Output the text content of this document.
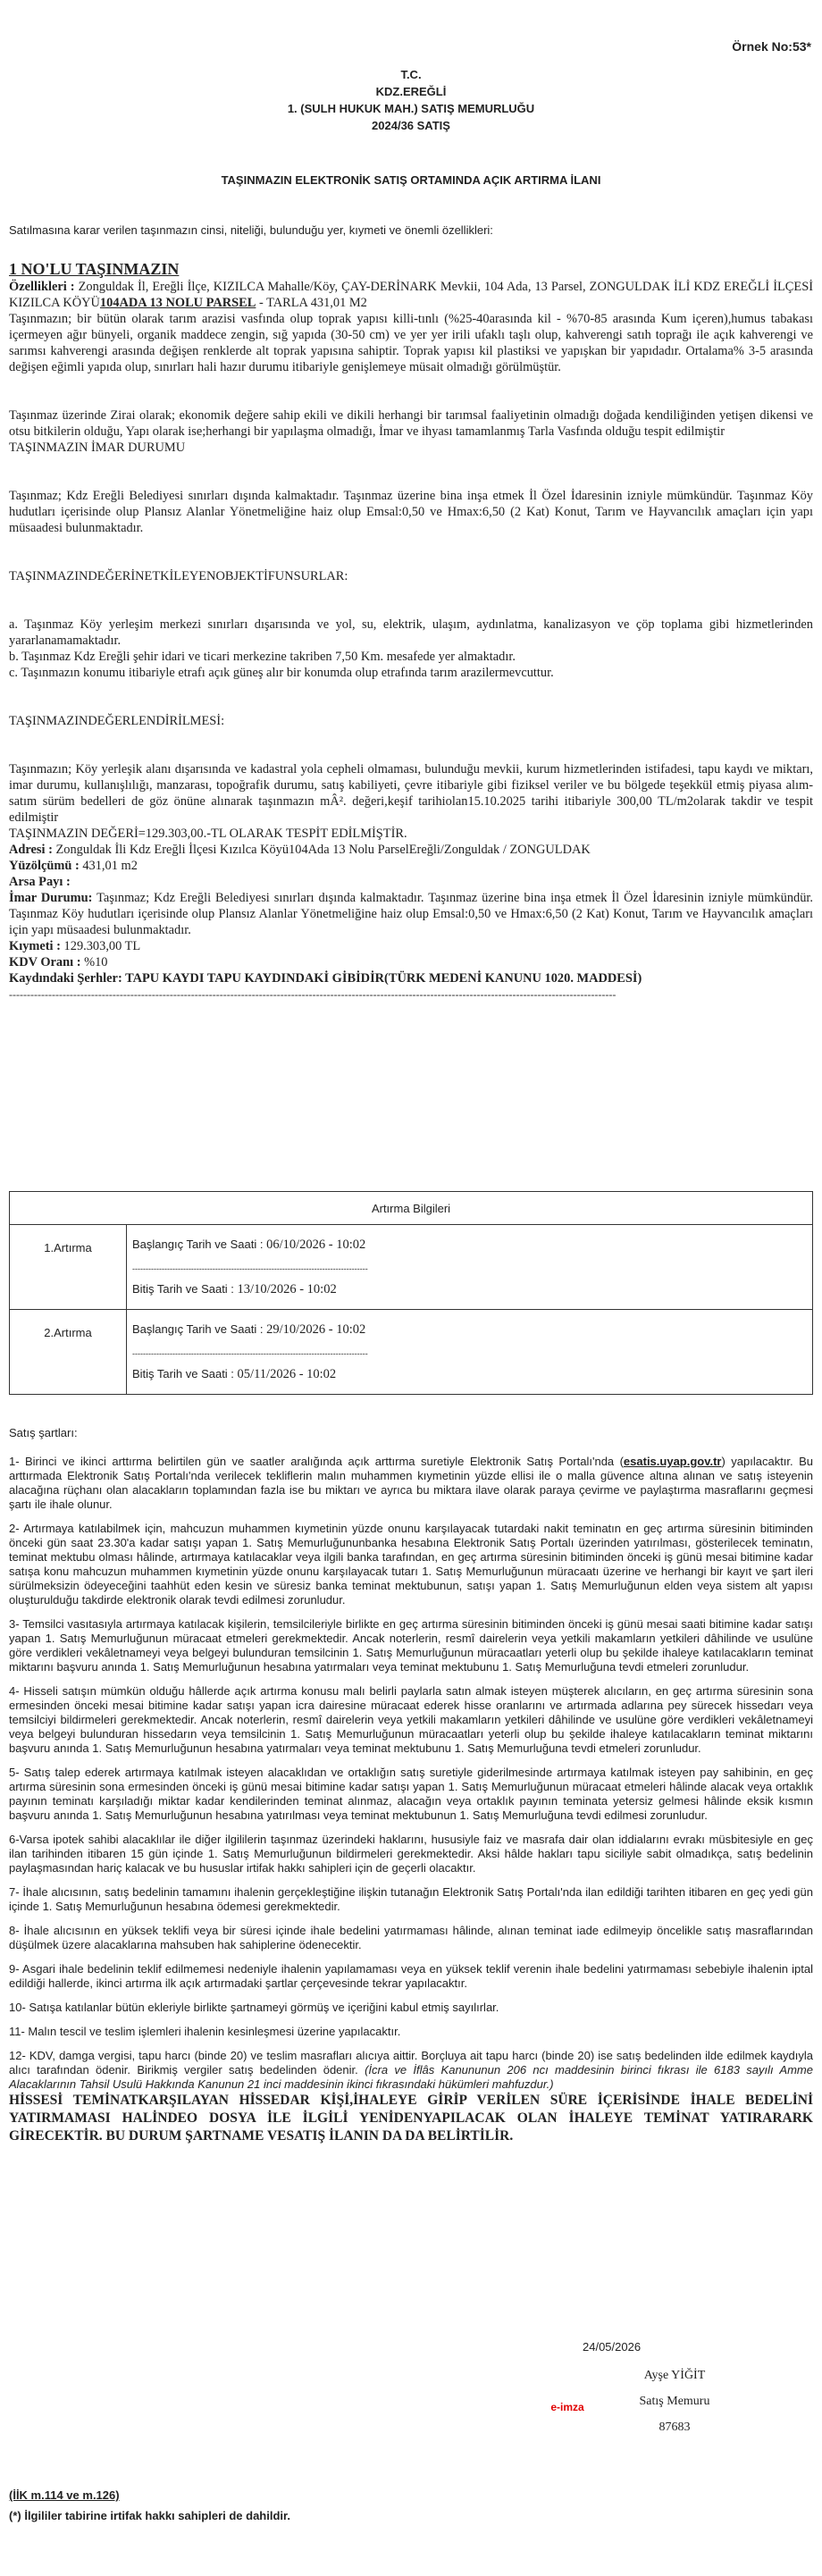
Örnek No:53*
T.C.
KDZ.EREĞLİ
1. (SULH HUKUK MAH.) SATIŞ MEMURLUĞU
2024/36 SATIŞ
TAŞINMAZIN ELEKTRONİK SATIŞ ORTAMINDA AÇIK ARTIRMA İLANI
Satılmasına karar verilen taşınmazın cinsi, niteliği, bulunduğu yer, kıymeti ve önemli özellikleri:

1 NO'LU TAŞINMAZIN

Özellikleri : Zonguldak İl, Ereğli İlçe, KIZILCA Mahalle/Köy, ÇAY-DERİNARK Mevkii, 104 Ada, 13 Parsel, ZONGULDAK İLİ KDZ EREĞLİ İLÇESİ KIZILCA KÖYÜ104ADA 13 NOLU PARSEL - TARLA 431,01 M2

Taşınmazın; bir bütün olarak tarım arazisi vasfında olup toprak yapısı killi-tınlı (%25-40arasında kil - %70-85 arasında Kum içeren),humus tabakası içermeyen ağır bünyeli, organik maddece zengin, sığ yapıda (30-50 cm) ve yer yer irili ufaklı taşlı olup, kahverengi satıh toprağı ile açık kahverengi ve sarımsı kahverengi arasında değişen renklerde alt toprak yapısına sahiptir. Toprak yapısı kil plastiksi ve yapışkan bir yapıdadır. Ortalama% 3-5 arasında değişen eğimli yapıda olup, sınırları hali hazır durumu itibariyle genişlemeye müsait olmadığı görülmüştür.

Taşınmaz üzerinde Zirai olarak; ekonomik değere sahip ekili ve dikili herhangi bir tarımsal faaliyetinin olmadığı doğada kendiliğinden yetişen dikensi ve otsu bitkilerin olduğu, Yapı olarak ise;herhangi bir yapılaşma olmadığı, İmar ve ihyası tamamlanmış Tarla Vasfında olduğu tespit edilmiştir

TAŞINMAZIN İMAR DURUMU

Taşınmaz; Kdz Ereğli Belediyesi sınırları dışında kalmaktadır. Taşınmaz üzerine bina inşa etmek İl Özel İdaresinin izniyle mümkündür. Taşınmaz Köy hudutları içerisinde olup Plansız Alanlar Yönetmeliğine haiz olup Emsal:0,50 ve Hmax:6,50 (2 Kat) Konut, Tarım ve Hayvancılık amaçları için yapı müsaadesi bulunmaktadır.

TAŞINMAZINDEĞERİNETKİLEYENOBJEKTİFUNSURLAR:

a. Taşınmaz Köy yerleşim merkezi sınırları dışarısında ve yol, su, elektrik, ulaşım, aydınlatma, kanalizasyon ve çöp toplama gibi hizmetlerinden yararlanamamaktadır.

b. Taşınmaz Kdz Ereğli şehir idari ve ticari merkezine takriben 7,50 Km. mesafede yer almaktadır.

c. Taşınmazın konumu itibariyle etrafı açık güneş alır bir konumda olup etrafında tarım arazilermevcuttur.

TAŞINMAZINDEĞERLENDİRİLMESİ:

Taşınmazın; Köy yerleşik alanı dışarısında ve kadastral yola cepheli olmaması, bulunduğu mevkii, kurum hizmetlerinden istifadesi, tapu kaydı ve miktarı, imar durumu, kullanışlılığı, manzarası, topoğrafik durumu, satış kabiliyeti, çevre itibariyle gibi fiziksel veriler ve bu bölgede teşekkül etmiş piyasa alım-satım sürüm bedelleri de göz önüne alınarak taşınmazın mÂ². değeri,keşif tarihiolan15.10.2025 tarihi itibariyle 300,00 TL/m2olarak takdir ve tespit edilmiştir

TAŞINMAZIN DEĞERİ=129.303,00.-TL OLARAK TESPİT EDİLMİŞTİR.

Adresi : Zonguldak İli Kdz Ereğli İlçesi Kızılca Köyü104Ada 13 Nolu ParselEreğli/Zonguldak / ZONGULDAK

Yüzölçümü : 431,01 m2

Arsa Payı :

İmar Durumu: Taşınmaz; Kdz Ereğli Belediyesi sınırları dışında kalmaktadır. Taşınmaz üzerine bina inşa etmek İl Özel İdaresinin izniyle mümkündür. Taşınmaz Köy hudutları içerisinde olup Plansız Alanlar Yönetmeliğine haiz olup Emsal:0,50 ve Hmax:6,50 (2 Kat) Konut, Tarım ve Hayvancılık amaçları için yapı müsaadesi bulunmaktadır.

Kıymeti : 129.303,00 TL

KDV Oranı : %10

Kaydındaki Şerhler: TAPU KAYDI TAPU KAYDINDAKİ GİBİDİR(TÜRK MEDENİ KANUNU 1020. MADDESİ)

--------------------------------------------------------------------------------------------------------------------------------------------------------------------------

Artırma Bilgileri	
1.Artırma	Başlangıç Tarih ve Saati : 06/10/2026 - 10:02
----------------------------------------------------------------------------------------
Bitiş Tarih ve Saati : 13/10/2026 - 10:02

2.Artırma	Başlangıç Tarih ve Saati : 29/10/2026 - 10:02
----------------------------------------------------------------------------------------
Bitiş Tarih ve Saati : 05/11/2026 - 10:02

Satış şartları:

1- Birinci ve ikinci arttırma belirtilen gün ve saatler aralığında açık arttırma suretiyle Elektronik Satış Portalı'nda (esatis.uyap.gov.tr) yapılacaktır. Bu arttırmada Elektronik Satış Portalı'nda verilecek tekliflerin malın muhammen kıymetinin yüzde ellisi ile o malla güvence altına alınan ve satış isteyenin alacağına rüçhanı olan alacakların toplamından fazla ise bu miktarı ve ayrıca bu miktara ilave olarak paraya çevirme ve paylaştırma masraflarını geçmesi şartı ile ihale olunur.

2- Artırmaya katılabilmek için, mahcuzun muhammen kıymetinin yüzde onunu karşılayacak tutardaki nakit teminatın en geç artırma süresinin bitiminden önceki gün saat 23.30'a kadar satışı yapan 1. Satış Memurluğununbanka hesabına Elektronik Satış Portalı üzerinden yatırılması, gösterilecek teminatın, teminat mektubu olması hâlinde, artırmaya katılacaklar veya ilgili banka tarafından, en geç artırma süresinin bitiminden önceki iş günü mesai bitimine kadar satışa konu mahcuzun muhammen kıymetinin yüzde onunu karşılayacak tutarı 1. Satış Memurluğunun müracaatı üzerine ve herhangi bir kayıt ve şart ileri sürülmeksizin ödeyeceğini taahhüt eden kesin ve süresiz banka teminat mektubunun, satışı yapan 1. Satış Memurluğunun elden veya sistem alt yapısı oluşturulduğu takdirde elektronik olarak tevdi edilmesi zorunludur.

3- Temsilci vasıtasıyla artırmaya katılacak kişilerin, temsilcileriyle birlikte en geç artırma süresinin bitiminden önceki iş günü mesai saati bitimine kadar satışı yapan 1. Satış Memurluğunun müracaat etmeleri gerekmektedir. Ancak noterlerin, resmî dairelerin veya yetkili makamların yetkileri dâhilinde ve usulüne göre verdikleri vekâletnameyi veya belgeyi bulunduran temsilcinin 1. Satış Memurluğunun müracaatları yeterli olup bu şekilde ihaleye katılacakların teminat miktarını başvuru anında 1. Satış Memurluğunun hesabına yatırmaları veya teminat mektubunu 1. Satış Memurluğuna tevdi etmeleri zorunludur.

4- Hisseli satışın mümkün olduğu hâllerde açık artırma konusu malı belirli paylarla satın almak isteyen müşterek alıcıların, en geç artırma süresinin sona ermesinden önceki mesai bitimine kadar satışı yapan icra dairesine müracaat ederek hisse oranlarını ve artırmada adlarına pey sürecek hissedarı veya temsilciyi bildirmeleri gerekmektedir. Ancak noterlerin, resmî dairelerin veya yetkili makamların yetkileri dâhilinde ve usulüne göre verdikleri vekâletnameyi veya belgeyi bulunduran hissedarın veya temsilcinin 1. Satış Memurluğunun müracaatları yeterli olup bu şekilde ihaleye katılacakların teminat miktarını başvuru anında 1. Satış Memurluğunun hesabına yatırmaları veya teminat mektubunu 1. Satış Memurluğuna tevdi etmeleri zorunludur.

5- Satış talep ederek artırmaya katılmak isteyen alacaklıdan ve ortaklığın satış suretiyle giderilmesinde artırmaya katılmak isteyen pay sahibinin, en geç artırma süresinin sona ermesinden önceki iş günü mesai bitimine kadar satışı yapan 1. Satış Memurluğunun müracaat etmeleri hâlinde alacak veya ortaklık payının teminatı karşıladığı miktar kadar kendilerinden teminat alınmaz, alacağın veya ortaklık payının teminata yetersiz gelmesi hâlinde eksik kısmın başvuru anında 1. Satış Memurluğunun hesabına yatırılması veya teminat mektubunun 1. Satış Memurluğuna tevdi edilmesi zorunludur.

6-Varsa ipotek sahibi alacaklılar ile diğer ilgililerin taşınmaz üzerindeki haklarını, hususiyle faiz ve masrafa dair olan iddialarını evrakı müsbitesiyle en geç ilan tarihinden itibaren 15 gün içinde 1. Satış Memurluğunun bildirmeleri gerekmektedir. Aksi hâlde hakları tapu siciliyle sabit olmadıkça, satış bedelinin paylaşmasından hariç kalacak ve bu hususlar irtifak hakkı sahipleri için de geçerli olacaktır.

7- İhale alıcısının, satış bedelinin tamamını ihalenin gerçekleştiğine ilişkin tutanağın Elektronik Satış Portalı'nda ilan edildiği tarihten itibaren en geç yedi gün içinde 1. Satış Memurluğunun hesabına ödemesi gerekmektedir.

8- İhale alıcısının en yüksek teklifi veya bir süresi içinde ihale bedelini yatırmaması hâlinde, alınan teminat iade edilmeyip öncelikle satış masraflarından düşülmek üzere alacaklarına mahsuben hak sahiplerine ödenecektir.

9- Asgari ihale bedelinin teklif edilmemesi nedeniyle ihalenin yapılamaması veya en yüksek teklif verenin ihale bedelini yatırmaması sebebiyle ihalenin iptal edildiği hallerde, ikinci artırma ilk açık artırmadaki şartlar çerçevesinde tekrar yapılacaktır.

10- Satışa katılanlar bütün ekleriyle birlikte şartnameyi görmüş ve içeriğini kabul etmiş sayılırlar.

11- Malın tescil ve teslim işlemleri ihalenin kesinleşmesi üzerine yapılacaktır.

12- KDV, damga vergisi, tapu harcı (binde 20) ve teslim masrafları alıcıya aittir. Borçluya ait tapu harcı (binde 20) ise satış bedelinden ilde edilmek kaydıyla alıcı tarafından ödenir. Birikmiş vergiler satış bedelinden ödenir. (İcra ve İflâs Kanununun 206 ncı maddesinin birinci fıkrası ile 6183 sayılı Amme Alacaklarının Tahsil Usulü Hakkında Kanunun 21 inci maddesinin ikinci fıkrasındaki hükümleri mahfuzdur.)

HİSSESİ TEMİNATKARŞILAYAN HİSSEDAR KİŞİ,İHALEYE GİRİP VERİLEN SÜRE İÇERİSİNDE İHALE BEDELİNİ YATIRMAMASI HALİNDEO DOSYA İLE İLGİLİ YENİDENYAPILACAK OLAN İHALEYE TEMİNAT YATIRARARK GİRECEKTİR. BU DURUM ŞARTNAME VESATIŞ İLANIN DA DA BELİRTİLİR.

24/05/2026
Ayşe YİĞİT
Satış Memuru
87683
e-imza
(İİK m.114 ve m.126)
(*) İlgililer tabirine irtifak hakkı sahipleri de dahildir.
